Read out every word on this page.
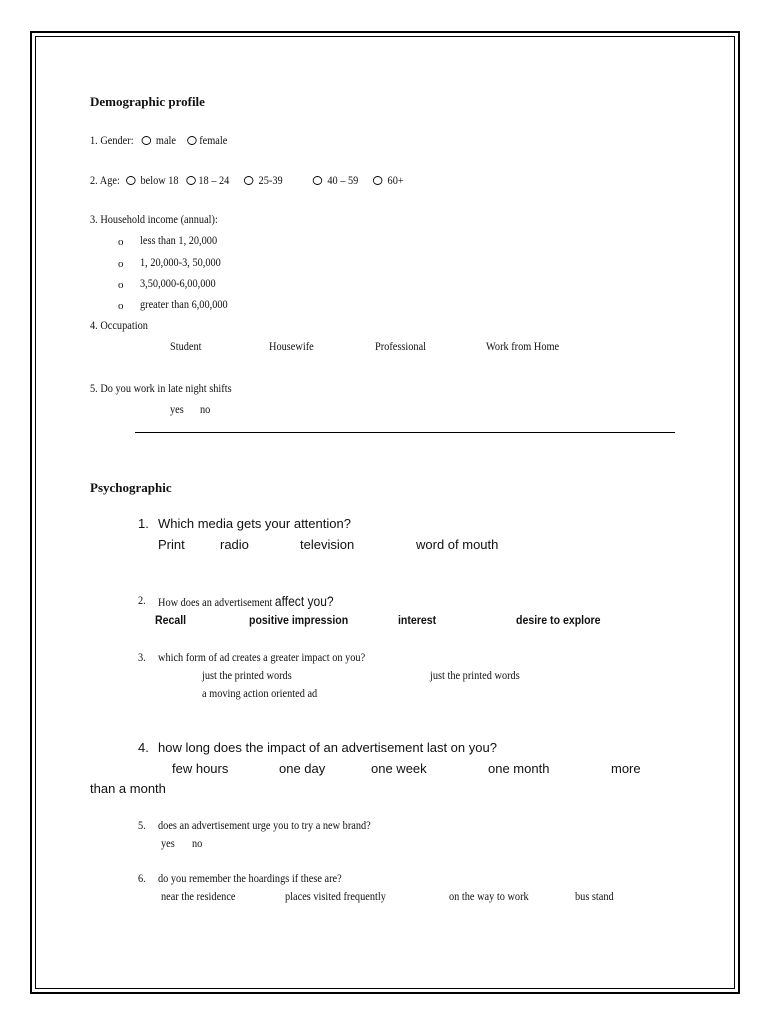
Demographic profile
1. Gender: male female
2. Age: below 18 18 – 24 25-39	40 – 59 60+
3. Household income (annual):
o less than 1, 20,000
o 1, 20,000-3, 50,000
o 3,50,000-6,00,000
o greater than 6,00,000
4. Occupation
Student	Housewife	Professional	Work from Home
5. Do you work in late night shifts
yes no
Psychographic
1. Which media gets your attention?
Print	radio	television	word of mouth
2. How does an advertisement affect you?
Recall	positive impression	interest	desire to explore
3. which form of ad creates a greater impact on you?
just the printed words	just the printed words
a moving action oriented ad
4. how long does the impact of an advertisement last on you?
few hours	one day	one week	one month	more
than a month
5. does an advertisement urge you to try a new brand?
yes no
6. do you remember the hoardings if these are?
near the residence	places visited frequently	on the way to work	bus stand
